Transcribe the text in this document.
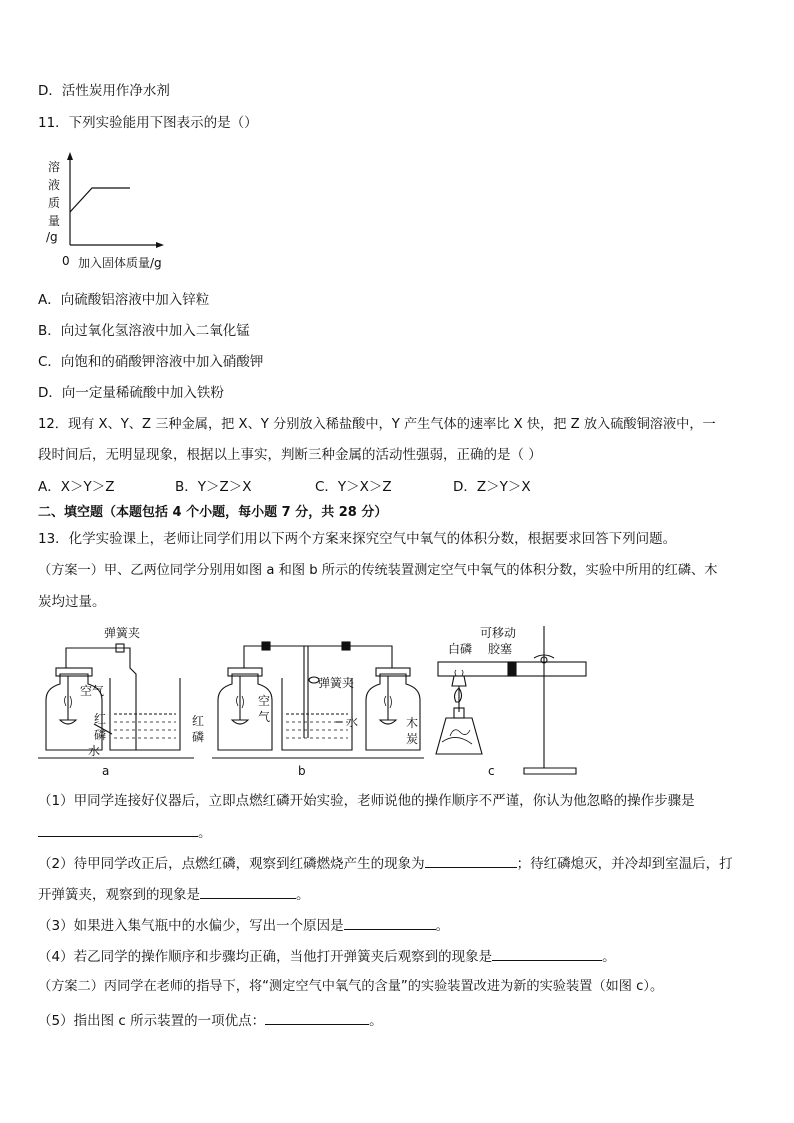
D．活性炭用作净水剂
11．下列实验能用下图表示的是（）
溶
液
质
量
/g
0 加入固体质量/g
A．向硫酸铝溶液中加入锌粒
B．向过氧化氢溶液中加入二氧化锰
C．向饱和的硝酸钾溶液中加入硝酸钾
D．向一定量稀硫酸中加入铁粉
12．现有 X、Y、Z 三种金属，把 X、Y 分别放入稀盐酸中，Y 产生气体的速率比 X 快，把 Z 放入硫酸铜溶液中，一
段时间后，无明显现象，根据以上事实，判断三种金属的活动性强弱，正确的是（ ）
A．X＞Y＞Z	B．Y＞Z＞X	C．Y＞X＞Z	D．Z＞Y＞X
二、填空题（本题包括 4 个小题，每小题 7 分，共 28 分）
13．化学实验课上，老师让同学们用以下两个方案来探究空气中氧气的体积分数，根据要求回答下列问题。
（方案一）甲、乙两位同学分别用如图 a 和图 b 所示的传统装置测定空气中氧气的体积分数，实验中所用的红磷、木
炭均过量。
弹簧夹
空气
红
磷
水
a
弹簧夹
红
磷
空
气	水	木
炭
b
白磷
可移动
胶塞
c
（1）甲同学连接好仪器后，立即点燃红磷开始实验，老师说他的操作顺序不严谨，你认为他忽略的操作步骤是
。
（2）待甲同学改正后，点燃红磷，观察到红磷燃烧产生的现象为	；待红磷熄灭，并冷却到室温后，打
开弹簧夹，观察到的现象是	。
（3）如果进入集气瓶中的水偏少，写出一个原因是	。
（4）若乙同学的操作顺序和步骤均正确，当他打开弹簧夹后观察到的现象是	。
（方案二）丙同学在老师的指导下，将“测定空气中氧气的含量”的实验装置改进为新的实验装置（如图 c）。
（5）指出图 c 所示装置的一项优点：	。
